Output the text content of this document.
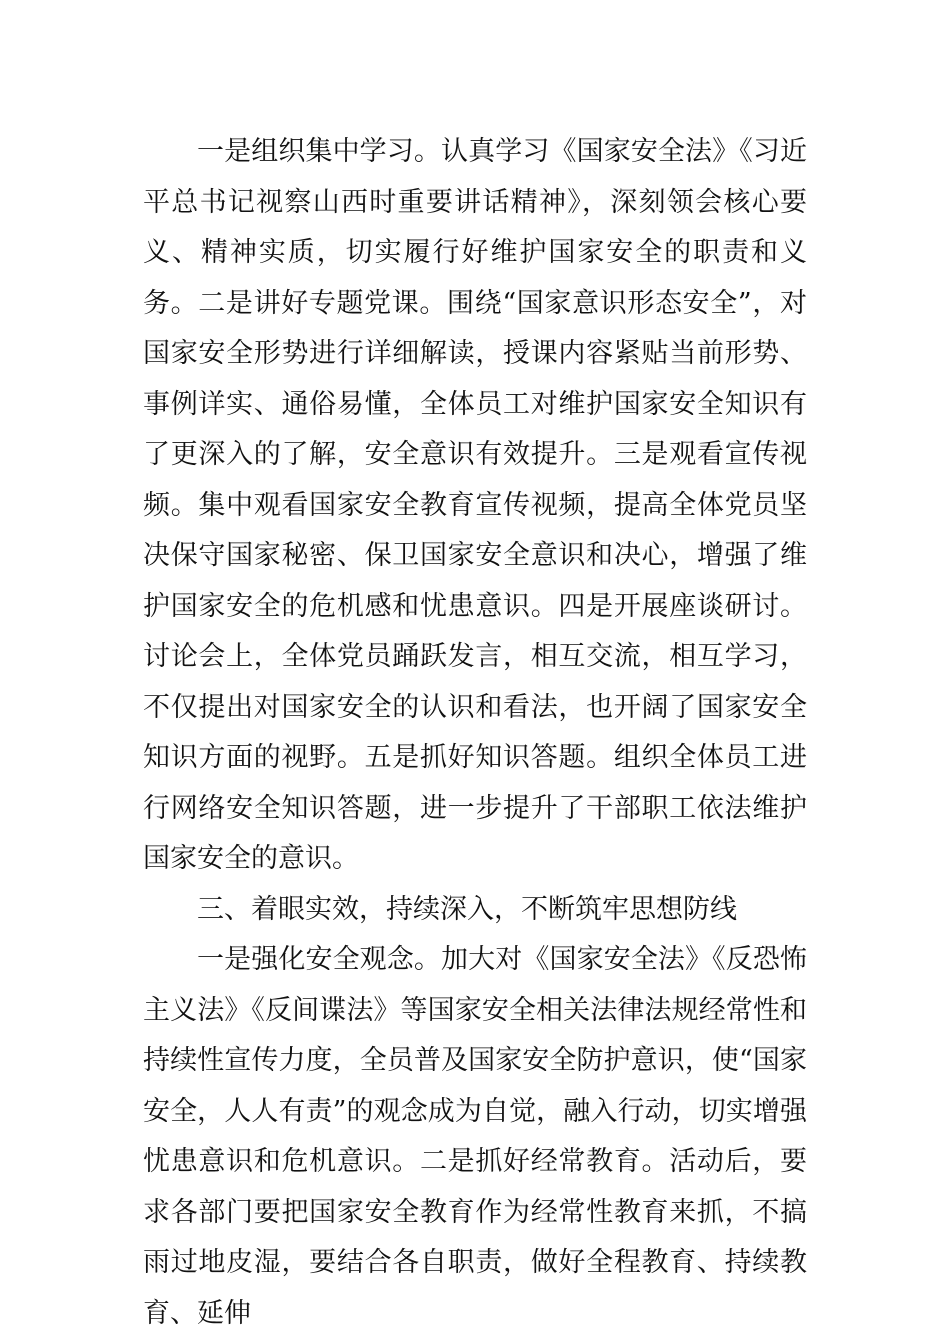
一是组织集中学习。认真学习《国家安全法》《习近平总书记视察山西时重要讲话精神》，深刻领会核心要义、精神实质，切实履行好维护国家安全的职责和义务。二是讲好专题党课。围绕“国家意识形态安全”，对国家安全形势进行详细解读，授课内容紧贴当前形势、事例详实、通俗易懂，全体员工对维护国家安全知识有了更深入的了解，安全意识有效提升。三是观看宣传视频。集中观看国家安全教育宣传视频，提高全体党员坚决保守国家秘密、保卫国家安全意识和决心，增强了维护国家安全的危机感和忧患意识。四是开展座谈研讨。讨论会上，全体党员踊跃发言，相互交流，相互学习，不仅提出对国家安全的认识和看法，也开阔了国家安全知识方面的视野。五是抓好知识答题。组织全体员工进行网络安全知识答题，进一步提升了干部职工依法维护国家安全的意识。

三、着眼实效，持续深入，不断筑牢思想防线

一是强化安全观念。加大对《国家安全法》《反恐怖主义法》《反间谍法》等国家安全相关法律法规经常性和持续性宣传力度，全员普及国家安全防护意识，使“国家安全，人人有责”的观念成为自觉，融入行动，切实增强忧患意识和危机意识。二是抓好经常教育。活动后，要求各部门要把国家安全教育作为经常性教育来抓，不搞雨过地皮湿，要结合各自职责，做好全程教育、持续教育、延伸
